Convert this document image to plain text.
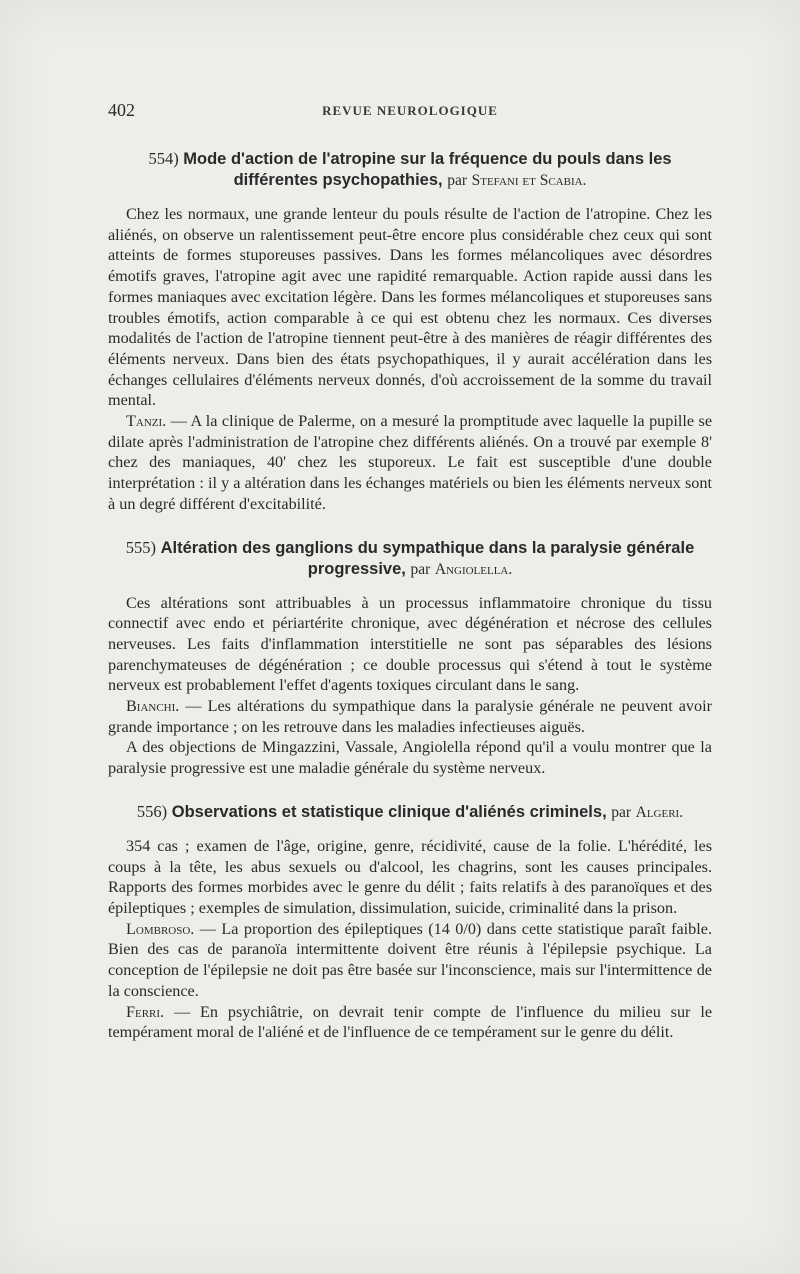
402	REVUE NEUROLOGIQUE
554) Mode d'action de l'atropine sur la fréquence du pouls dans les différentes psychopathies, par Stefani et Scabia.

Chez les normaux, une grande lenteur du pouls résulte de l'action de l'atropine. Chez les aliénés, on observe un ralentissement peut-être encore plus considérable chez ceux qui sont atteints de formes stuporeuses passives. Dans les formes mélancoliques avec désordres émotifs graves, l'atropine agit avec une rapidité remarquable. Action rapide aussi dans les formes maniaques avec excitation légère. Dans les formes mélancoliques et stuporeuses sans troubles émotifs, action comparable à ce qui est obtenu chez les normaux. Ces diverses modalités de l'action de l'atropine tiennent peut-être à des manières de réagir différentes des éléments nerveux. Dans bien des états psychopathiques, il y aurait accélération dans les échanges cellulaires d'éléments nerveux donnés, d'où accroissement de la somme du travail mental.

Tanzi. — A la clinique de Palerme, on a mesuré la promptitude avec laquelle la pupille se dilate après l'administration de l'atropine chez différents aliénés. On a trouvé par exemple 8' chez des maniaques, 40' chez les stuporeux. Le fait est susceptible d'une double interprétation : il y a altération dans les échanges matériels ou bien les éléments nerveux sont à un degré différent d'excitabilité.

555) Altération des ganglions du sympathique dans la paralysie générale progressive, par Angiolella.

Ces altérations sont attribuables à un processus inflammatoire chronique du tissu connectif avec endo et périartérite chronique, avec dégénération et nécrose des cellules nerveuses. Les faits d'inflammation interstitielle ne sont pas séparables des lésions parenchymateuses de dégénération ; ce double processus qui s'étend à tout le système nerveux est probablement l'effet d'agents toxiques circulant dans le sang.

Bianchi. — Les altérations du sympathique dans la paralysie générale ne peuvent avoir grande importance ; on les retrouve dans les maladies infectieuses aiguës.

A des objections de Mingazzini, Vassale, Angiolella répond qu'il a voulu montrer que la paralysie progressive est une maladie générale du système nerveux.

556) Observations et statistique clinique d'aliénés criminels, par Algeri.

354 cas ; examen de l'âge, origine, genre, récidivité, cause de la folie. L'hérédité, les coups à la tête, les abus sexuels ou d'alcool, les chagrins, sont les causes principales. Rapports des formes morbides avec le genre du délit ; faits relatifs à des paranoïques et des épileptiques ; exemples de simulation, dissimulation, suicide, criminalité dans la prison.

Lombroso. — La proportion des épileptiques (14 0/0) dans cette statistique paraît faible. Bien des cas de paranoïa intermittente doivent être réunis à l'épilepsie psychique. La conception de l'épilepsie ne doit pas être basée sur l'inconscience, mais sur l'intermittence de la conscience.

Ferri. — En psychiâtrie, on devrait tenir compte de l'influence du milieu sur le tempérament moral de l'aliéné et de l'influence de ce tempérament sur le genre du délit.
